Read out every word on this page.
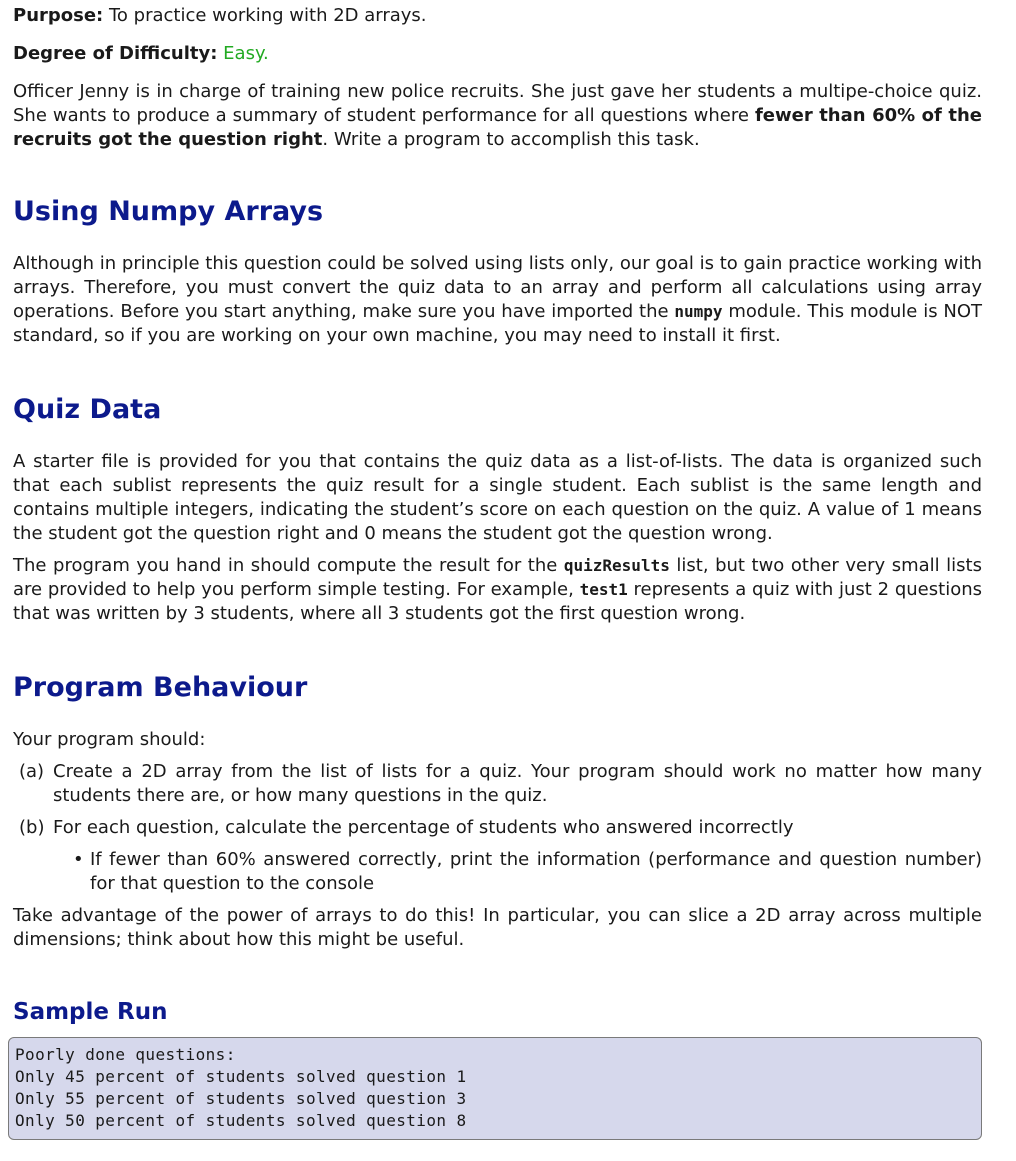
Purpose: To practice working with 2D arrays.

Degree of Difficulty: Easy.

Officer Jenny is in charge of training new police recruits. She just gave her students a multipe-choice quiz. She wants to produce a summary of student performance for all questions where fewer than 60% of the recruits got the question right. Write a program to accomplish this task.

Using Numpy Arrays

Although in principle this question could be solved using lists only, our goal is to gain practice working with arrays. Therefore, you must convert the quiz data to an array and perform all calculations using array operations. Before you start anything, make sure you have imported the numpy module. This module is NOT standard, so if you are working on your own machine, you may need to install it first.

Quiz Data

A starter file is provided for you that contains the quiz data as a list-of-lists. The data is organized such that each sublist represents the quiz result for a single student. Each sublist is the same length and contains multiple integers, indicating the student’s score on each question on the quiz. A value of 1 means the student got the question right and 0 means the student got the question wrong.

The program you hand in should compute the result for the quizResults list, but two other very small lists are provided to help you perform simple testing. For example, test1 represents a quiz with just 2 questions that was written by 3 students, where all 3 students got the first question wrong.

Program Behaviour

Your program should:

(a) Create a 2D array from the list of lists for a quiz. Your program should work no matter how many students there are, or how many questions in the quiz.
(b) For each question, calculate the percentage of students who answered incorrectly
• If fewer than 60% answered correctly, print the information (performance and question number) for that question to the console

Take advantage of the power of arrays to do this! In particular, you can slice a 2D array across multiple dimensions; think about how this might be useful.

Sample Run
Poorly done questions:
Only 45 percent of students solved question 1
Only 55 percent of students solved question 3
Only 50 percent of students solved question 8
